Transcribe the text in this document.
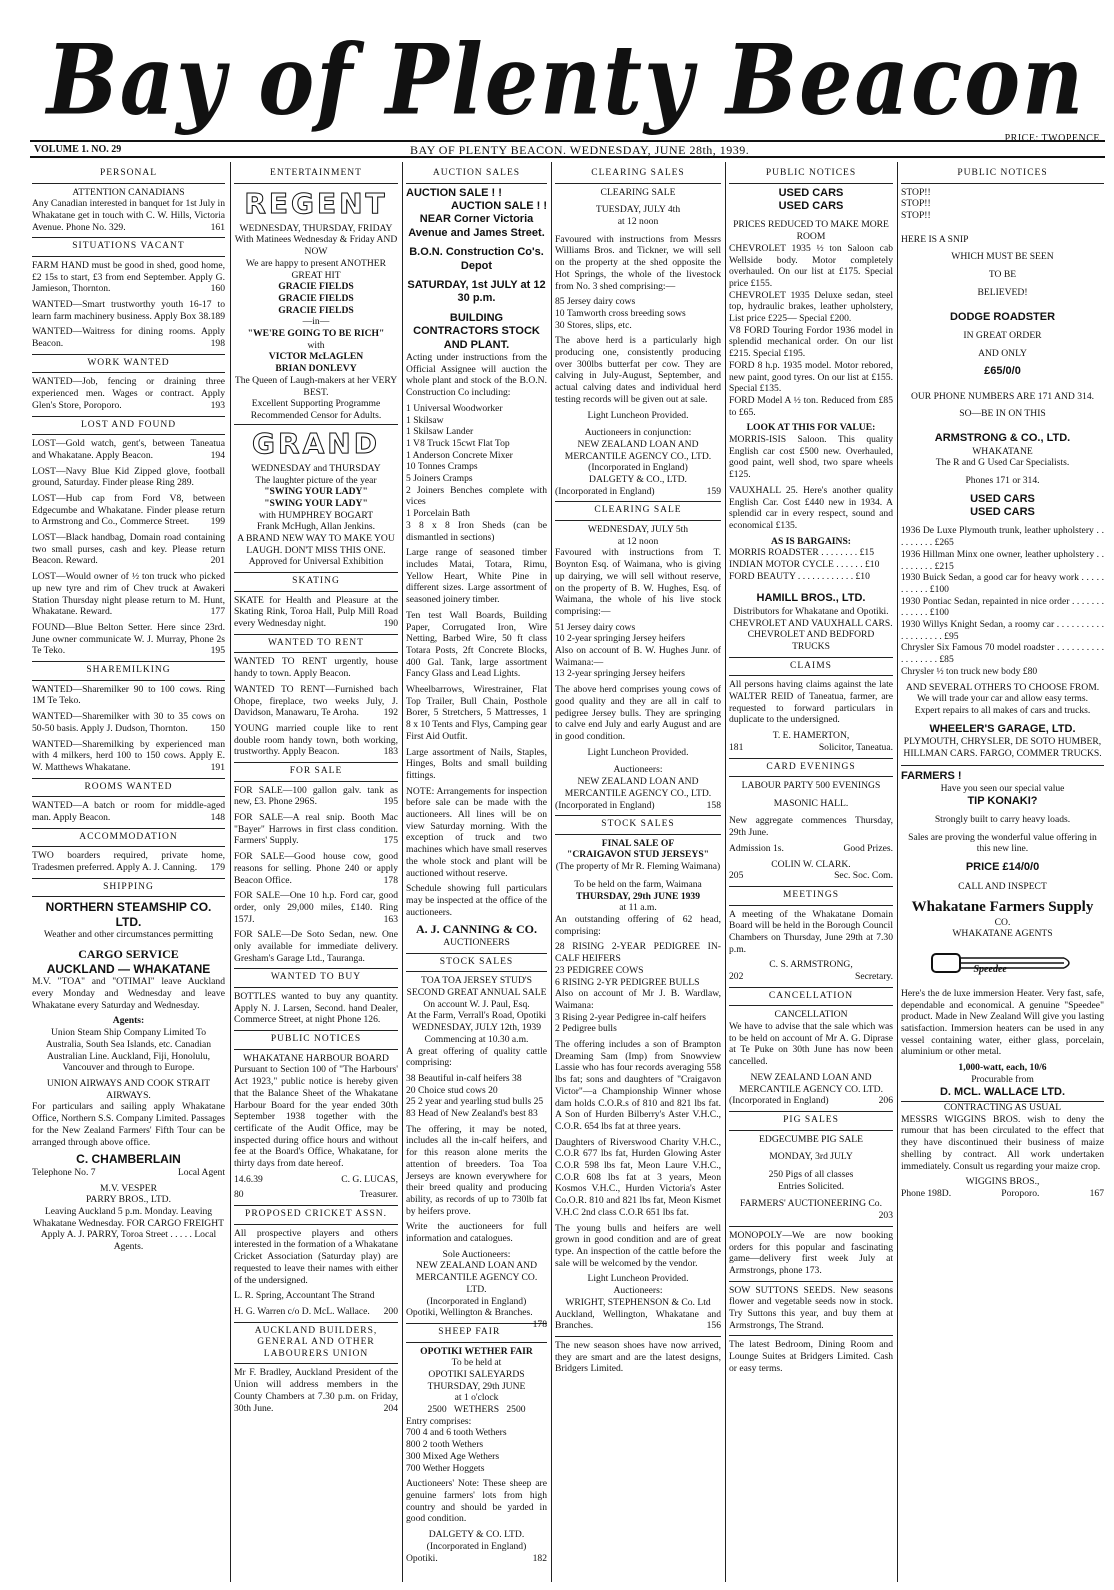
Bay of Plenty Beacon
PRICE: TWOPENCE
VOLUME 1. NO. 29	BAY OF PLENTY BEACON. WEDNESDAY, JUNE 28th, 1939.
PERSONAL
ATTENTION CANADIANS
Any Canadian interested in banquet for 1st July in Whakatane get in touch with C. W. Hills, Victoria Avenue. Phone No. 329.	161
SITUATIONS VACANT
FARM HAND must be good in shed, good home, £2 15s to start, £3 from end September. Apply G. Jamieson, Thornton.	160
WANTED—Smart trustworthy youth 16-17 to learn farm machinery business. Apply Box 38. 189
WANTED—Waitress for dining rooms. Apply Beacon.	198
WORK WANTED
WANTED—Job, fencing or draining three experienced men. Wages or contract. Apply Glen's Store, Poroporo.	193
LOST AND FOUND
LOST—Gold watch, gent's, between Taneatua and Whakatane. Apply Beacon.	194
LOST—Navy Blue Kid Zipped glove, football ground, Saturday. Finder please Ring 289.
LOST—Hub cap from Ford V8, between Edgecumbe and Whakatane. Finder please return to Armstrong and Co., Commerce Street. 199
LOST—Black handbag, Domain road containing two small purses, cash and key. Please return Beacon. Reward.	201
LOST—Would owner of ½ ton truck who picked up new tyre and rim of Chev truck at Awakeri Station Thursday night please return to M. Hunt, Whakatane. Reward.	177
FOUND—Blue Belton Setter. Here since 23rd. June owner communicate W. J. Murray, Phone 2s Te Teko.	195
SHAREMILKING
WANTED—Sharemilker 90 to 100 cows. Ring 1M Te Teko.
WANTED—Sharemilker with 30 to 35 cows on 50-50 basis. Apply J. Dudson, Thornton. 150
WANTED—Sharemilking by experienced man with 4 milkers, herd 100 to 150 cows. Apply E. W. Matthews Whakatane.	191
ROOMS WANTED
WANTED—A batch or room for middle-aged man. Apply Beacon.	148
ACCOMMODATION
TWO boarders required, private home, Tradesmen preferred. Apply A. J. Canning. 179
SHIPPING
NORTHERN STEAMSHIP CO. LTD.
Weather and other circumstances permitting
CARGO SERVICE
AUCKLAND — WHAKATANE
M.V. "TOA" and "OTIMAI" leave Auckland every Monday and Wednesday and leave Whakatane every Saturday and Wednesday.
Agents:
Union Steam Ship Company Limited To Australia, South Sea Islands, etc. Canadian Australian Line. Auckland, Fiji, Honolulu, Vancouver and through to Europe.
UNION AIRWAYS AND COOK STRAIT AIRWAYS.
For particulars and sailing apply Whakatane Office, Northern S.S. Company Limited. Passages for the New Zealand Farmers' Fifth Tour can be arranged through above office.
C. CHAMBERLAIN
Telephone No. 7	Local Agent
M.V. VESPER
PARRY BROS., LTD.
Leaving Auckland 5 p.m. Monday. Leaving Whakatane Wednesday. FOR CARGO FREIGHT Apply A. J. PARRY, Toroa Street . . . . . Local Agents.
ENTERTAINMENT
REGENT
WEDNESDAY, THURSDAY, FRIDAY
With Matinees Wednesday & Friday AND NOW
We are happy to present ANOTHER GREAT HIT
GRACIE FIELDS
GRACIE FIELDS
GRACIE FIELDS
—in—
"WE'RE GOING TO BE RICH"
with
VICTOR McLAGLEN
BRIAN DONLEVY
The Queen of Laugh-makers at her VERY BEST.
Excellent Supporting Programme
Recommended Censor for Adults.
GRAND
WEDNESDAY and THURSDAY
The laughter picture of the year
"SWING YOUR LADY"
"SWING YOUR LADY"
with HUMPHREY BOGART
Frank McHugh, Allan Jenkins.
A BRAND NEW WAY TO MAKE YOU LAUGH. DON'T MISS THIS ONE.
Approved for Universal Exhibition
SKATING
SKATE for Health and Pleasure at the Skating Rink, Toroa Hall, Pulp Mill Road every Wednesday night.	190
WANTED TO RENT
WANTED TO RENT urgently, house handy to town. Apply Beacon.
WANTED TO RENT—Furnished bach Ohope, fireplace, two weeks July, J. Davidson, Manawaru, Te Aroha.	192
YOUNG married couple like to rent double room handy town, both working, trustworthy. Apply Beacon.	183
FOR SALE
FOR SALE—100 gallon galv. tank as new, £3. Phone 296S.	195
FOR SALE—A real snip. Booth Mac "Bayer" Harrows in first class condition. Farmers' Supply.	175
FOR SALE—Good house cow, good reasons for selling. Phone 240 or apply Beacon Office.	178
FOR SALE—One 10 h.p. Ford car, good order, only 29,000 miles, £140. Ring 157J.	163
FOR SALE—De Soto Sedan, new. One only available for immediate delivery. Gresham's Garage Ltd., Tauranga.
WANTED TO BUY
BOTTLES wanted to buy any quantity. Apply N. J. Larsen, Second. hand Dealer, Commerce Street, at night Phone 126.
PUBLIC NOTICES
WHAKATANE HARBOUR BOARD
Pursuant to Section 100 of "The Harbours' Act 1923," public notice is hereby given that the Balance Sheet of the Whakatane Harbour Board for the year ended 30th September 1938 together with the certificate of the Audit Office, may be inspected during office hours and without fee at the Board's Office, Whakatane, for thirty days from date hereof.
14.6.39	C. G. LUCAS,
80	Treasurer.
PROPOSED CRICKET ASSN.
All prospective players and others interested in the formation of a Whakatane Cricket Association (Saturday play) are requested to leave their names with either of the undersigned.
L. R. Spring, Accountant The Strand
H. G. Warren c/o D. McL. Wallace. 200
AUCKLAND BUILDERS, GENERAL AND OTHER LABOURERS UNION
Mr F. Bradley, Auckland President of the Union will address members in the County Chambers at 7.30 p.m. on Friday, 30th June.	204
AUCTION SALES
AUCTION SALE ! !
AUCTION SALE ! !
NEAR Corner Victoria Avenue and James Street.
B.O.N. Construction Co's. Depot
SATURDAY, 1st JULY at 12 30 p.m.
BUILDING CONTRACTORS STOCK AND PLANT.
Acting under instructions from the Official Assignee will auction the whole plant and stock of the B.O.N. Construction Co including:
1 Universal Woodworker
1 Skilsaw
1 Skilsaw Lander
1 V8 Truck 15cwt Flat Top
1 Anderson Concrete Mixer
10 Tonnes Cramps
5 Joiners Cramps
2 Joiners Benches complete with vices
1 Porcelain Bath
3 8 x 8 Iron Sheds (can be dismantled in sections)
Large range of seasoned timber includes Matai, Totara, Rimu, Yellow Heart, White Pine in different sizes. Large assortment of seasoned joinery timber.
Ten test Wall Boards, Building Paper, Corrugated Iron, Wire Netting, Barbed Wire, 50 ft class Totara Posts, 2ft Concrete Blocks, 400 Gal. Tank, large assortment Fancy Glass and Lead Lights.
Wheelbarrows, Wirestrainer, Flat Top Trailer, Bull Chain, Posthole Borer, 5 Stretchers, 5 Mattresses, 1 8 x 10 Tents and Flys, Camping gear First Aid Outfit.
Large assortment of Nails, Staples, Hinges, Bolts and small building fittings.
NOTE: Arrangements for inspection before sale can be made with the auctioneers. All lines will be on view Saturday morning. With the exception of truck and two machines which have small reserves the whole stock and plant will be auctioned without reserve.
Schedule showing full particulars may be inspected at the office of the auctioneers.
A. J. CANNING & CO.
AUCTIONEERS
STOCK SALES
TOA TOA JERSEY STUD'S
SECOND GREAT ANNUAL SALE
On account W. J. Paul, Esq.
At the Farm, Verrall's Road, Opotiki
WEDNESDAY, JULY 12th, 1939
Commencing at 10.30 a.m.
A great offering of quality cattle comprising:
38 Beautiful in-calf heifers 38
20 Choice stud cows 20
25 2 year and yearling stud bulls 25
83 Head of New Zealand's best 83
The offering, it may be noted, includes all the in-calf heifers, and for this reason alone merits the attention of breeders. Toa Toa Jerseys are known everywhere for their breed quality and producing ability, as records of up to 730lb fat by heifers prove.
Write the auctioneers for full information and catalogues.
Sole Auctioneers:
NEW ZEALAND LOAN AND MERCANTILE AGENCY CO. LTD.
(Incorporated in England)
Opotiki, Wellington & Branches.
178
SHEEP FAIR
OPOTIKI WETHER FAIR
To be held at
OPOTIKI SALEYARDS
THURSDAY, 29th JUNE
at 1 o'clock
2500 WETHERS 2500
Entry comprises:
700 4 and 6 tooth Wethers
800 2 tooth Wethers
300 Mixed Age Wethers
700 Wether Hoggets
Auctioneers' Note: These sheep are genuine farmers' lots from high country and should be yarded in good condition.
DALGETY & CO. LTD.
(Incorporated in England)
Opotiki.	182
CLEARING SALES
CLEARING SALE
TUESDAY, JULY 4th
at 12 noon
Favoured with instructions from Messrs Williams Bros. and Tickner, we will sell on the property at the shed opposite the Hot Springs, the whole of the livestock from No. 3 shed comprising:—
85 Jersey dairy cows
10 Tamworth cross breeding sows
30 Stores, slips, etc.
The above herd is a particularly high producing one, consistently producing over 300lbs butterfat per cow. They are calving in July-August, September, and actual calving dates and individual herd testing records will be given out at sale.
Light Luncheon Provided.
Auctioneers in conjunction:
NEW ZEALAND LOAN AND MERCANTILE AGENCY CO., LTD.
(Incorporated in England)
DALGETY & CO., LTD.
(Incorporated in England)	159
CLEARING SALE
WEDNESDAY, JULY 5th
at 12 noon
Favoured with instructions from T. Boynton Esq. of Waimana, who is giving up dairying, we will sell without reserve, on the property of B. W. Hughes, Esq. of Waimana, the whole of his live stock comprising:—
51 Jersey dairy cows
10 2-year springing Jersey heifers
Also on account of B. W. Hughes Junr. of Waimana:—
13 2-year springing Jersey heifers
The above herd comprises young cows of good quality and they are all in calf to pedigree Jersey bulls. They are springing to calve end July and early August and are in good condition.
Light Luncheon Provided.
Auctioneers:
NEW ZEALAND LOAN AND MERCANTILE AGENCY CO., LTD.
(Incorporated in England)	158
STOCK SALES
FINAL SALE OF
"CRAIGAVON STUD JERSEYS"
(The property of Mr R. Fleming Waimana)
To be held on the farm, Waimana
THURSDAY, 29th JUNE 1939
at 11 a.m.
An outstanding offering of 62 head, comprising:
28 RISING 2-YEAR PEDIGREE IN-CALF HEIFERS
23 PEDIGREE COWS
6 RISING 2-YR PEDIGREE BULLS
Also on account of Mr J. B. Wardlaw, Waimana:
3 Rising 2-year Pedigree in-calf heifers
2 Pedigree bulls
The offering includes a son of Brampton Dreaming Sam (Imp) from Snowview Lassie who has four records averaging 558 lbs fat; sons and daughters of "Craigavon Victor"—a Championship Winner whose dam holds C.O.R.s of 810 and 821 lbs fat. A Son of Hurden Bilberry's Aster V.H.C., C.O.R. 654 lbs fat at three years.
Daughters of Riverswood Charity V.H.C., C.O.R 677 lbs fat, Hurden Glowing Aster C.O.R 598 lbs fat, Meon Laure V.H.C., C.O.R 608 lbs fat at 3 years, Meon Kosmos V.H.C., Hurden Victoria's Aster Co.O.R. 810 and 821 lbs fat, Meon Kismet V.H.C 2nd class C.O.R 651 lbs fat.
The young bulls and heifers are well grown in good condition and are of great type. An inspection of the cattle before the sale will be welcomed by the vendor.
Light Luncheon Provided.
Auctioneers:
WRIGHT, STEPHENSON & Co. Ltd
Auckland, Wellington, Whakatane and Branches.	156
The new season shoes have now arrived, they are smart and are the latest designs, Bridgers Limited.
PUBLIC NOTICES
USED CARS
USED CARS
PRICES REDUCED TO MAKE MORE ROOM
CHEVROLET 1935 ½ ton Saloon cab Wellside body. Motor completely overhauled. On our list at £175. Special price £155.
CHEVROLET 1935 Deluxe sedan, steel top, hydraulic brakes, leather upholstery, List price £225— Special £200.
V8 FORD Touring Fordor 1936 model in splendid mechanical order. On our list £215. Special £195.
FORD 8 h.p. 1935 model. Motor rebored, new paint, good tyres. On our list at £155. Special £135.
FORD Model A ½ ton. Reduced from £85 to £65.
LOOK AT THIS FOR VALUE:
MORRIS-ISIS Saloon. This quality English car cost £500 new. Overhauled, good paint, well shod, two spare wheels £125.
VAUXHALL 25. Here's another quality English Car. Cost £440 new in 1934. A splendid car in every respect, sound and economical £135.
AS IS BARGAINS:
MORRIS ROADSTER . . . . . . . . £15
INDIAN MOTOR CYCLE . . . . . . £10
FORD BEAUTY . . . . . . . . . . . . £10
HAMILL BROS., LTD.
Distributors for Whakatane and Opotiki.
CHEVROLET AND VAUXHALL CARS.
CHEVROLET AND BEDFORD TRUCKS
CLAIMS
All persons having claims against the late WALTER REID of Taneatua, farmer, are requested to forward particulars in duplicate to the undersigned.
T. E. HAMERTON,
181	Solicitor, Taneatua.
CARD EVENINGS
LABOUR PARTY 500 EVENINGS
MASONIC HALL.
New aggregate commences Thursday, 29th June.
Admission 1s.	Good Prizes.
COLIN W. CLARK.
205	Sec. Soc. Com.
MEETINGS
A meeting of the Whakatane Domain Board will be held in the Borough Council Chambers on Thursday, June 29th at 7.30 p.m.
C. S. ARMSTRONG,
202	Secretary.
CANCELLATION
CANCELLATION
We have to advise that the sale which was to be held on account of Mr A. G. Diprase at Te Puke on 30th June has now been cancelled.
NEW ZEALAND LOAN AND MERCANTILE AGENCY CO. LTD.
(Incorporated in England)	206
PIG SALES
EDGECUMBE PIG SALE
MONDAY, 3rd JULY
250 Pigs of all classes
Entries Solicited.
FARMERS' AUCTIONEERING Co.
203

MONOPOLY—We are now booking orders for this popular and fascinating game—delivery first week July at Armstrongs, phone 173.
SOW SUTTONS SEEDS. New seasons flower and vegetable seeds now in stock. Try Suttons this year, and buy them at Armstrongs, The Strand.
The latest Bedroom, Dining Room and Lounge Suites at Bridgers Limited. Cash or easy terms.
PUBLIC NOTICES
STOP!!
STOP!!
STOP!!
HERE IS A SNIP
WHICH MUST BE SEEN
TO BE
BELIEVED!
DODGE ROADSTER
IN GREAT ORDER
AND ONLY
£65/0/0
OUR PHONE NUMBERS ARE 171 AND 314.
SO—BE IN ON THIS
ARMSTRONG & CO., LTD.
WHAKATANE
The R and G Used Car Specialists.
Phones 171 or 314.
USED CARS
USED CARS
1936 De Luxe Plymouth trunk, leather upholstery . . . . . . . . . £265
1936 Hillman Minx one owner, leather upholstery . . . . . . . . . £215
1930 Buick Sedan, a good car for heavy work . . . . . . . . . . . £100
1930 Pontiac Sedan, repainted in nice order . . . . . . . . . . . . . £100
1930 Willys Knight Sedan, a roomy car . . . . . . . . . . . . . . . . . . . £95
Chrysler Six Famous 70 model roadster . . . . . . . . . . . . . . . . . . £85
Chrysler ½ ton truck new body £80
AND SEVERAL OTHERS TO CHOOSE FROM.
We will trade your car and allow easy terms.
Expert repairs to all makes of cars and trucks.
WHEELER'S GARAGE, LTD.
PLYMOUTH, CHRYSLER, DE SOTO HUMBER, HILLMAN CARS. FARGO, COMMER TRUCKS.
FARMERS !
Have you seen our special value
TIP KONAKI?
Strongly built to carry heavy loads.
Sales are proving the wonderful value offering in this new line.
PRICE £14/0/0
CALL AND INSPECT
Whakatane Farmers Supply
CO.
WHAKATANE AGENTS
Speedee
Here's the de luxe immersion Heater. Very fast, safe, dependable and economical. A genuine "Speedee" product. Made in New Zealand Will give you lasting satisfaction. Immersion heaters can be used in any vessel containing water, either glass, porcelain, aluminium or other metal.
1,000-watt, each, 10/6
Procurable from
D. MCL. WALLACE LTD.
CONTRACTING AS USUAL
MESSRS WIGGINS BROS. wish to deny the rumour that has been circulated to the effect that they have discontinued their business of maize shelling by contract. All work undertaken immediately. Consult us regarding your maize crop.
WIGGINS BROS.,
Phone 198D.	Poroporo.	167
